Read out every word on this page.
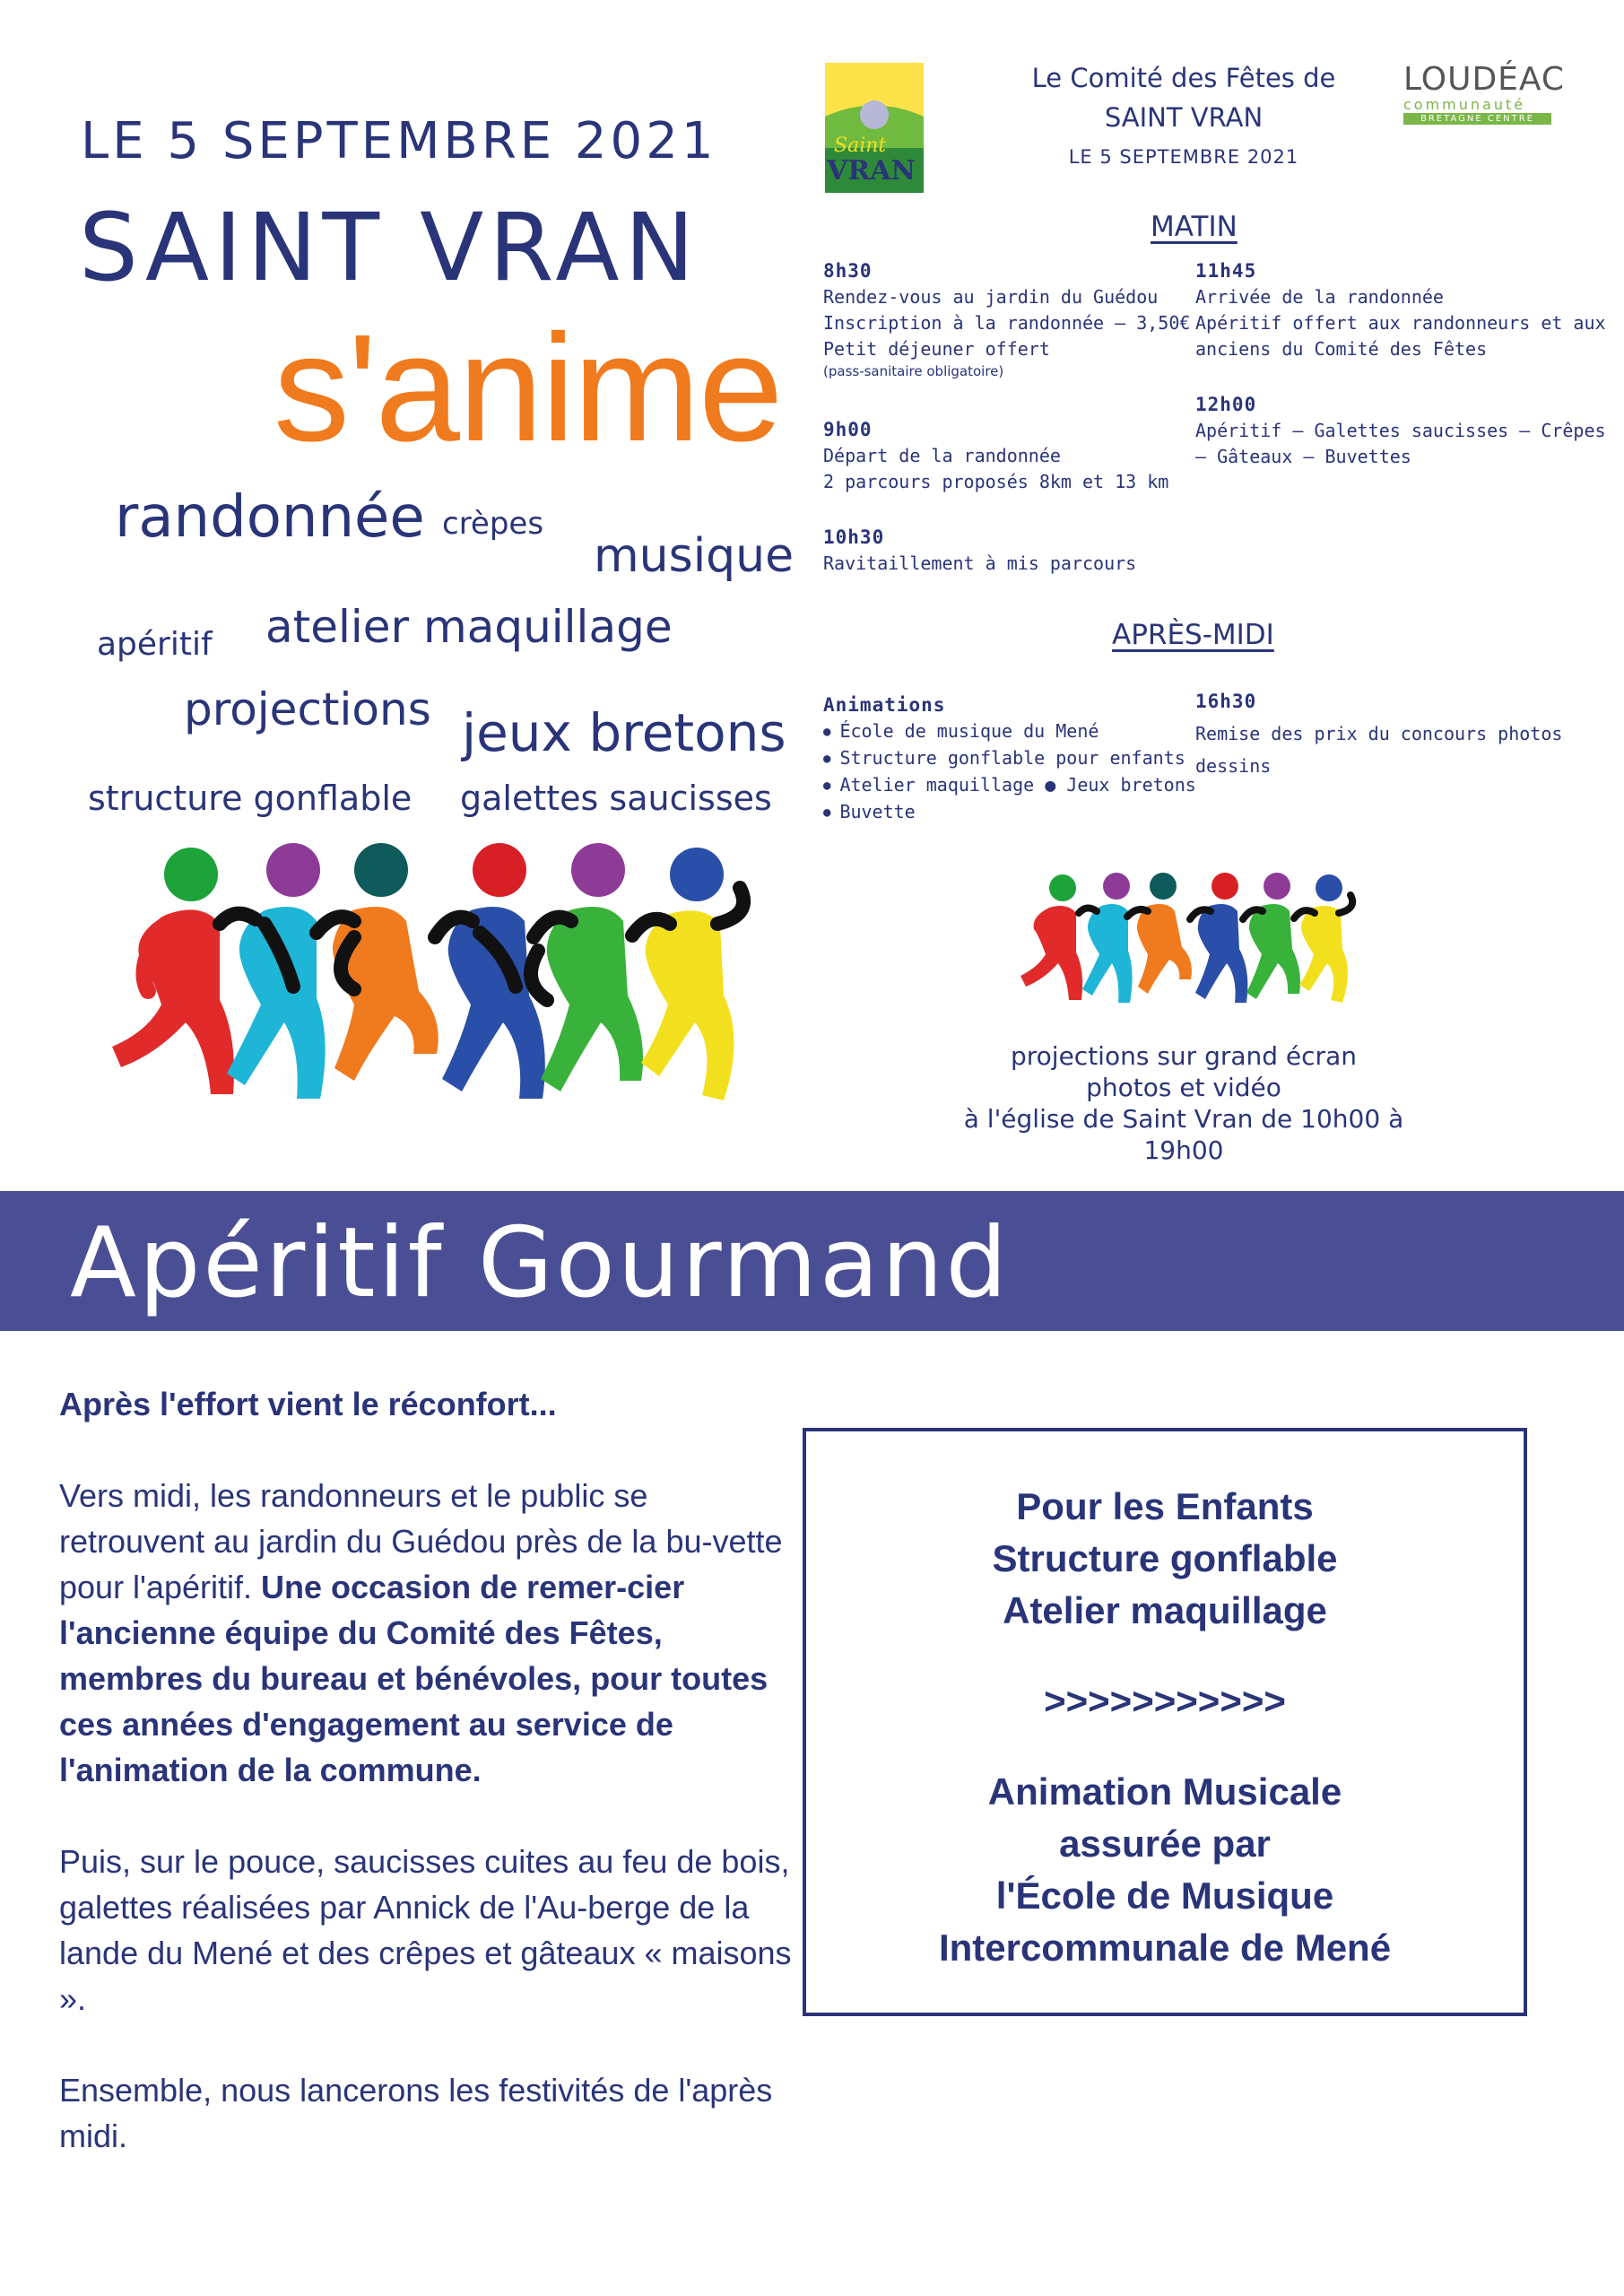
LE 5 SEPTEMBRE 2021
SAINT VRAN
s'anime
randonnée crèpes
musique
apéritif atelier maquillage
projections jeux bretons
structure gonflable galettes saucisses
Saint
VRAN
Le Comité des Fêtes de
SAINT VRAN
LE 5 SEPTEMBRE 2021
LOUDÉAC
communauté
BRETAGNE CENTRE
MATIN
8h30
Rendez-vous au jardin du Guédou
Inscription à la randonnée – 3,50€
Petit déjeuner offert
(pass-sanitaire obligatoire)
9h00
Départ de la randonnée
2 parcours proposés 8km et 13 km
10h30
Ravitaillement à mis parcours
11h45
Arrivée de la randonnée
Apéritif offert aux randonneurs et aux
anciens du Comité des Fêtes
12h00
Apéritif – Galettes saucisses – Crêpes
– Gâteaux – Buvettes
APRÈS-MIDI
Animations
● École de musique du Mené
● Structure gonflable pour enfants
● Atelier maquillage ● Jeux bretons
● Buvette
16h30
Remise des prix du concours photos
dessins
projections sur grand écran
photos et vidéo
à l'église de Saint Vran de 10h00 à 19h00
Apéritif Gourmand

Après l'effort vient le réconfort...

Vers midi, les randonneurs et le public se retrouvent au jardin du Guédou près de la bu-vette pour l'apéritif. Une occasion de remer-cier l'ancienne équipe du Comité des Fêtes, membres du bureau et bénévoles, pour toutes ces années d'engagement au service de l'animation de la commune.

Puis, sur le pouce, saucisses cuites au feu de bois, galettes réalisées par Annick de l'Au-berge de la lande du Mené et des crêpes et gâteaux « maisons ».

Ensemble, nous lancerons les festivités de l'après midi.

Pour les Enfants
Structure gonflable
Atelier maquillage
>>>>>>>>>>>
Animation Musicale
assurée par
l'École de Musique
Intercommunale de Mené
